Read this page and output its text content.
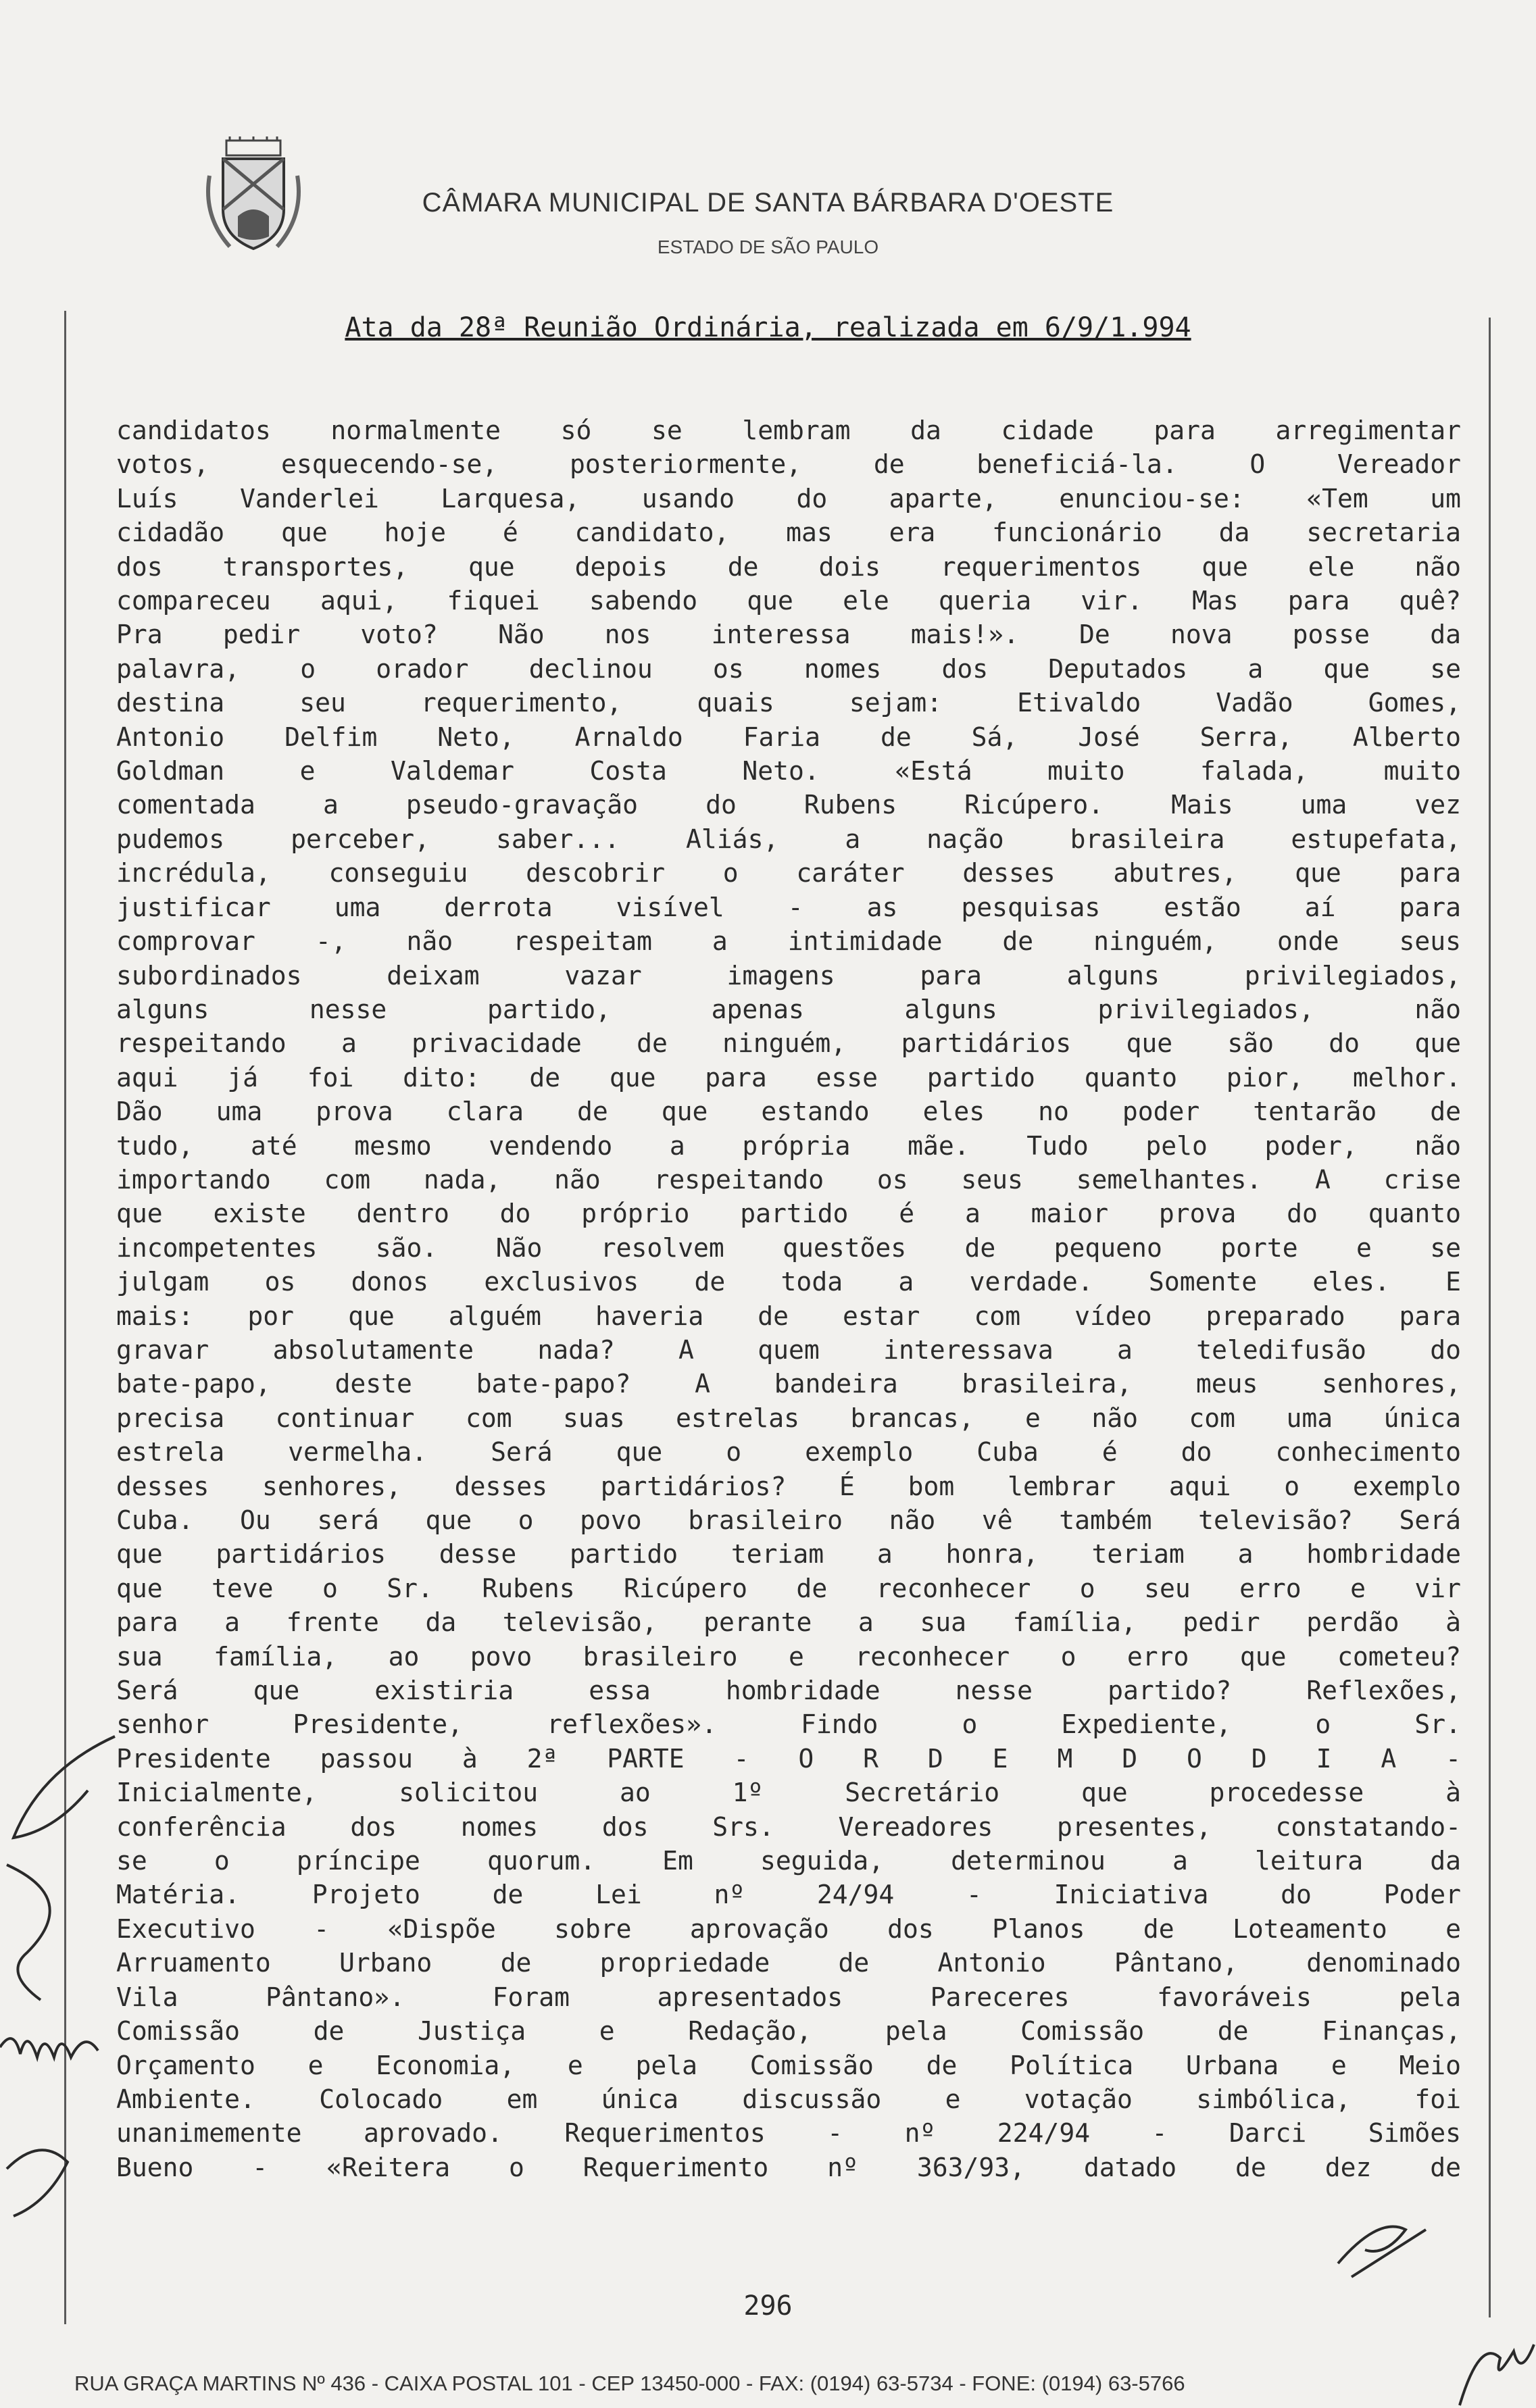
CÂMARA MUNICIPAL DE SANTA BÁRBARA D'OESTE
ESTADO DE SÃO PAULO
Ata da 28ª Reunião Ordinária, realizada em 6/9/1.994
candidatos normalmente só se lembram da cidade para arregimentar
votos, esquecendo-se, posteriormente, de beneficiá-la. O Vereador
Luís Vanderlei Larquesa, usando do aparte, enunciou-se: «Tem um
cidadão que hoje é candidato, mas era funcionário da secretaria
dos transportes, que depois de dois requerimentos que ele não
compareceu aqui, fiquei sabendo que ele queria vir. Mas para quê?
Pra pedir voto? Não nos interessa mais!». De nova posse da
palavra, o orador declinou os nomes dos Deputados a que se
destina seu requerimento, quais sejam: Etivaldo Vadão Gomes,
Antonio Delfim Neto, Arnaldo Faria de Sá, José Serra, Alberto
Goldman e Valdemar Costa Neto. «Está muito falada, muito
comentada a pseudo-gravação do Rubens Ricúpero. Mais uma vez
pudemos perceber, saber... Aliás, a nação brasileira estupefata,
incrédula, conseguiu descobrir o caráter desses abutres, que para
justificar uma derrota visível - as pesquisas estão aí para
comprovar -, não respeitam a intimidade de ninguém, onde seus
subordinados deixam vazar imagens para alguns privilegiados,
alguns nesse partido, apenas alguns privilegiados, não
respeitando a privacidade de ninguém, partidários que são do que
aqui já foi dito: de que para esse partido quanto pior, melhor.
Dão uma prova clara de que estando eles no poder tentarão de
tudo, até mesmo vendendo a própria mãe. Tudo pelo poder, não
importando com nada, não respeitando os seus semelhantes. A crise
que existe dentro do próprio partido é a maior prova do quanto
incompetentes são. Não resolvem questões de pequeno porte e se
julgam os donos exclusivos de toda a verdade. Somente eles. E
mais: por que alguém haveria de estar com vídeo preparado para
gravar absolutamente nada? A quem interessava a teledifusão do
bate-papo, deste bate-papo? A bandeira brasileira, meus senhores,
precisa continuar com suas estrelas brancas, e não com uma única
estrela vermelha. Será que o exemplo Cuba é do conhecimento
desses senhores, desses partidários? É bom lembrar aqui o exemplo
Cuba. Ou será que o povo brasileiro não vê também televisão? Será
que partidários desse partido teriam a honra, teriam a hombridade
que teve o Sr. Rubens Ricúpero de reconhecer o seu erro e vir
para a frente da televisão, perante a sua família, pedir perdão à
sua família, ao povo brasileiro e reconhecer o erro que cometeu?
Será que existiria essa hombridade nesse partido? Reflexões,
senhor Presidente, reflexões». Findo o Expediente, o Sr.
Presidente passou à 2ª PARTE - O R D E M D O D I A -
Inicialmente, solicitou ao 1º Secretário que procedesse à
conferência dos nomes dos Srs. Vereadores presentes, constatando-
se o príncipe quorum. Em seguida, determinou a leitura da
Matéria. Projeto de Lei nº 24/94 - Iniciativa do Poder
Executivo - «Dispõe sobre aprovação dos Planos de Loteamento e
Arruamento Urbano de propriedade de Antonio Pântano, denominado
Vila Pântano». Foram apresentados Pareceres favoráveis pela
Comissão de Justiça e Redação, pela Comissão de Finanças,
Orçamento e Economia, e pela Comissão de Política Urbana e Meio
Ambiente. Colocado em única discussão e votação simbólica, foi
unanimemente aprovado. Requerimentos - nº 224/94 - Darci Simões
Bueno - «Reitera o Requerimento nº 363/93, datado de dez de
296
RUA GRAÇA MARTINS Nº 436 - CAIXA POSTAL 101 - CEP 13450-000 - FAX: (0194) 63-5734 - FONE: (0194) 63-5766
